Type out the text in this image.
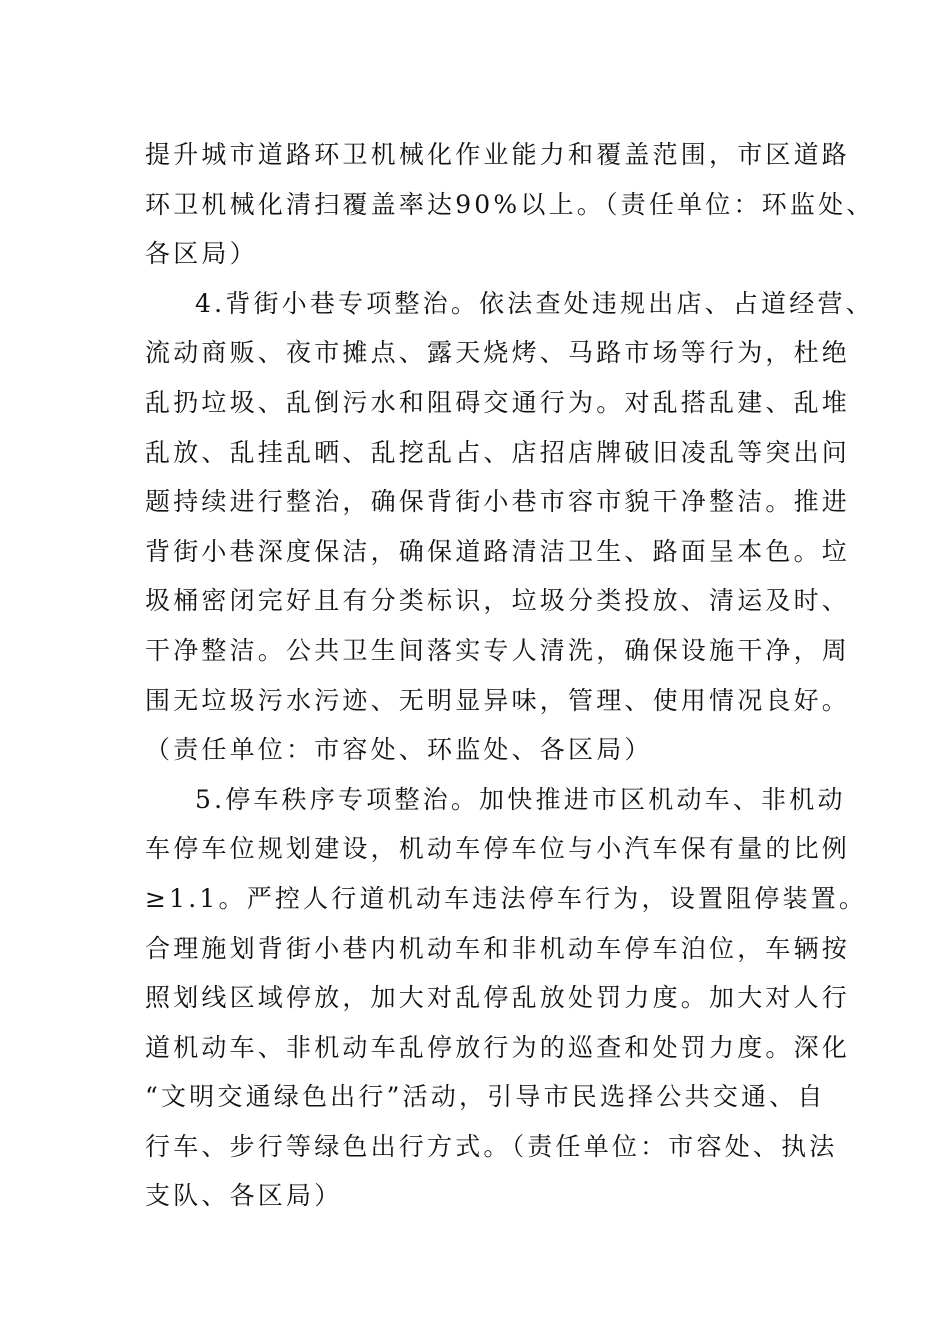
提升城市道路环卫机械化作业能力和覆盖范围，市区道路
环卫机械化清扫覆盖率达90%以上。（责任单位：环监处、
各区局）
4.背街小巷专项整治。依法查处违规出店、占道经营、
流动商贩、夜市摊点、露天烧烤、马路市场等行为，杜绝
乱扔垃圾、乱倒污水和阻碍交通行为。对乱搭乱建、乱堆
乱放、乱挂乱晒、乱挖乱占、店招店牌破旧凌乱等突出问
题持续进行整治，确保背街小巷市容市貌干净整洁。推进
背街小巷深度保洁，确保道路清洁卫生、路面呈本色。垃
圾桶密闭完好且有分类标识，垃圾分类投放、清运及时、
干净整洁。公共卫生间落实专人清洗，确保设施干净，周
围无垃圾污水污迹、无明显异味，管理、使用情况良好。
（责任单位：市容处、环监处、各区局）
5.停车秩序专项整治。加快推进市区机动车、非机动
车停车位规划建设，机动车停车位与小汽车保有量的比例
≥1.1。严控人行道机动车违法停车行为，设置阻停装置。
合理施划背街小巷内机动车和非机动车停车泊位，车辆按
照划线区域停放，加大对乱停乱放处罚力度。加大对人行
道机动车、非机动车乱停放行为的巡查和处罚力度。深化
“文明交通绿色出行”活动，引导市民选择公共交通、自
行车、步行等绿色出行方式。（责任单位：市容处、执法
支队、各区局）
